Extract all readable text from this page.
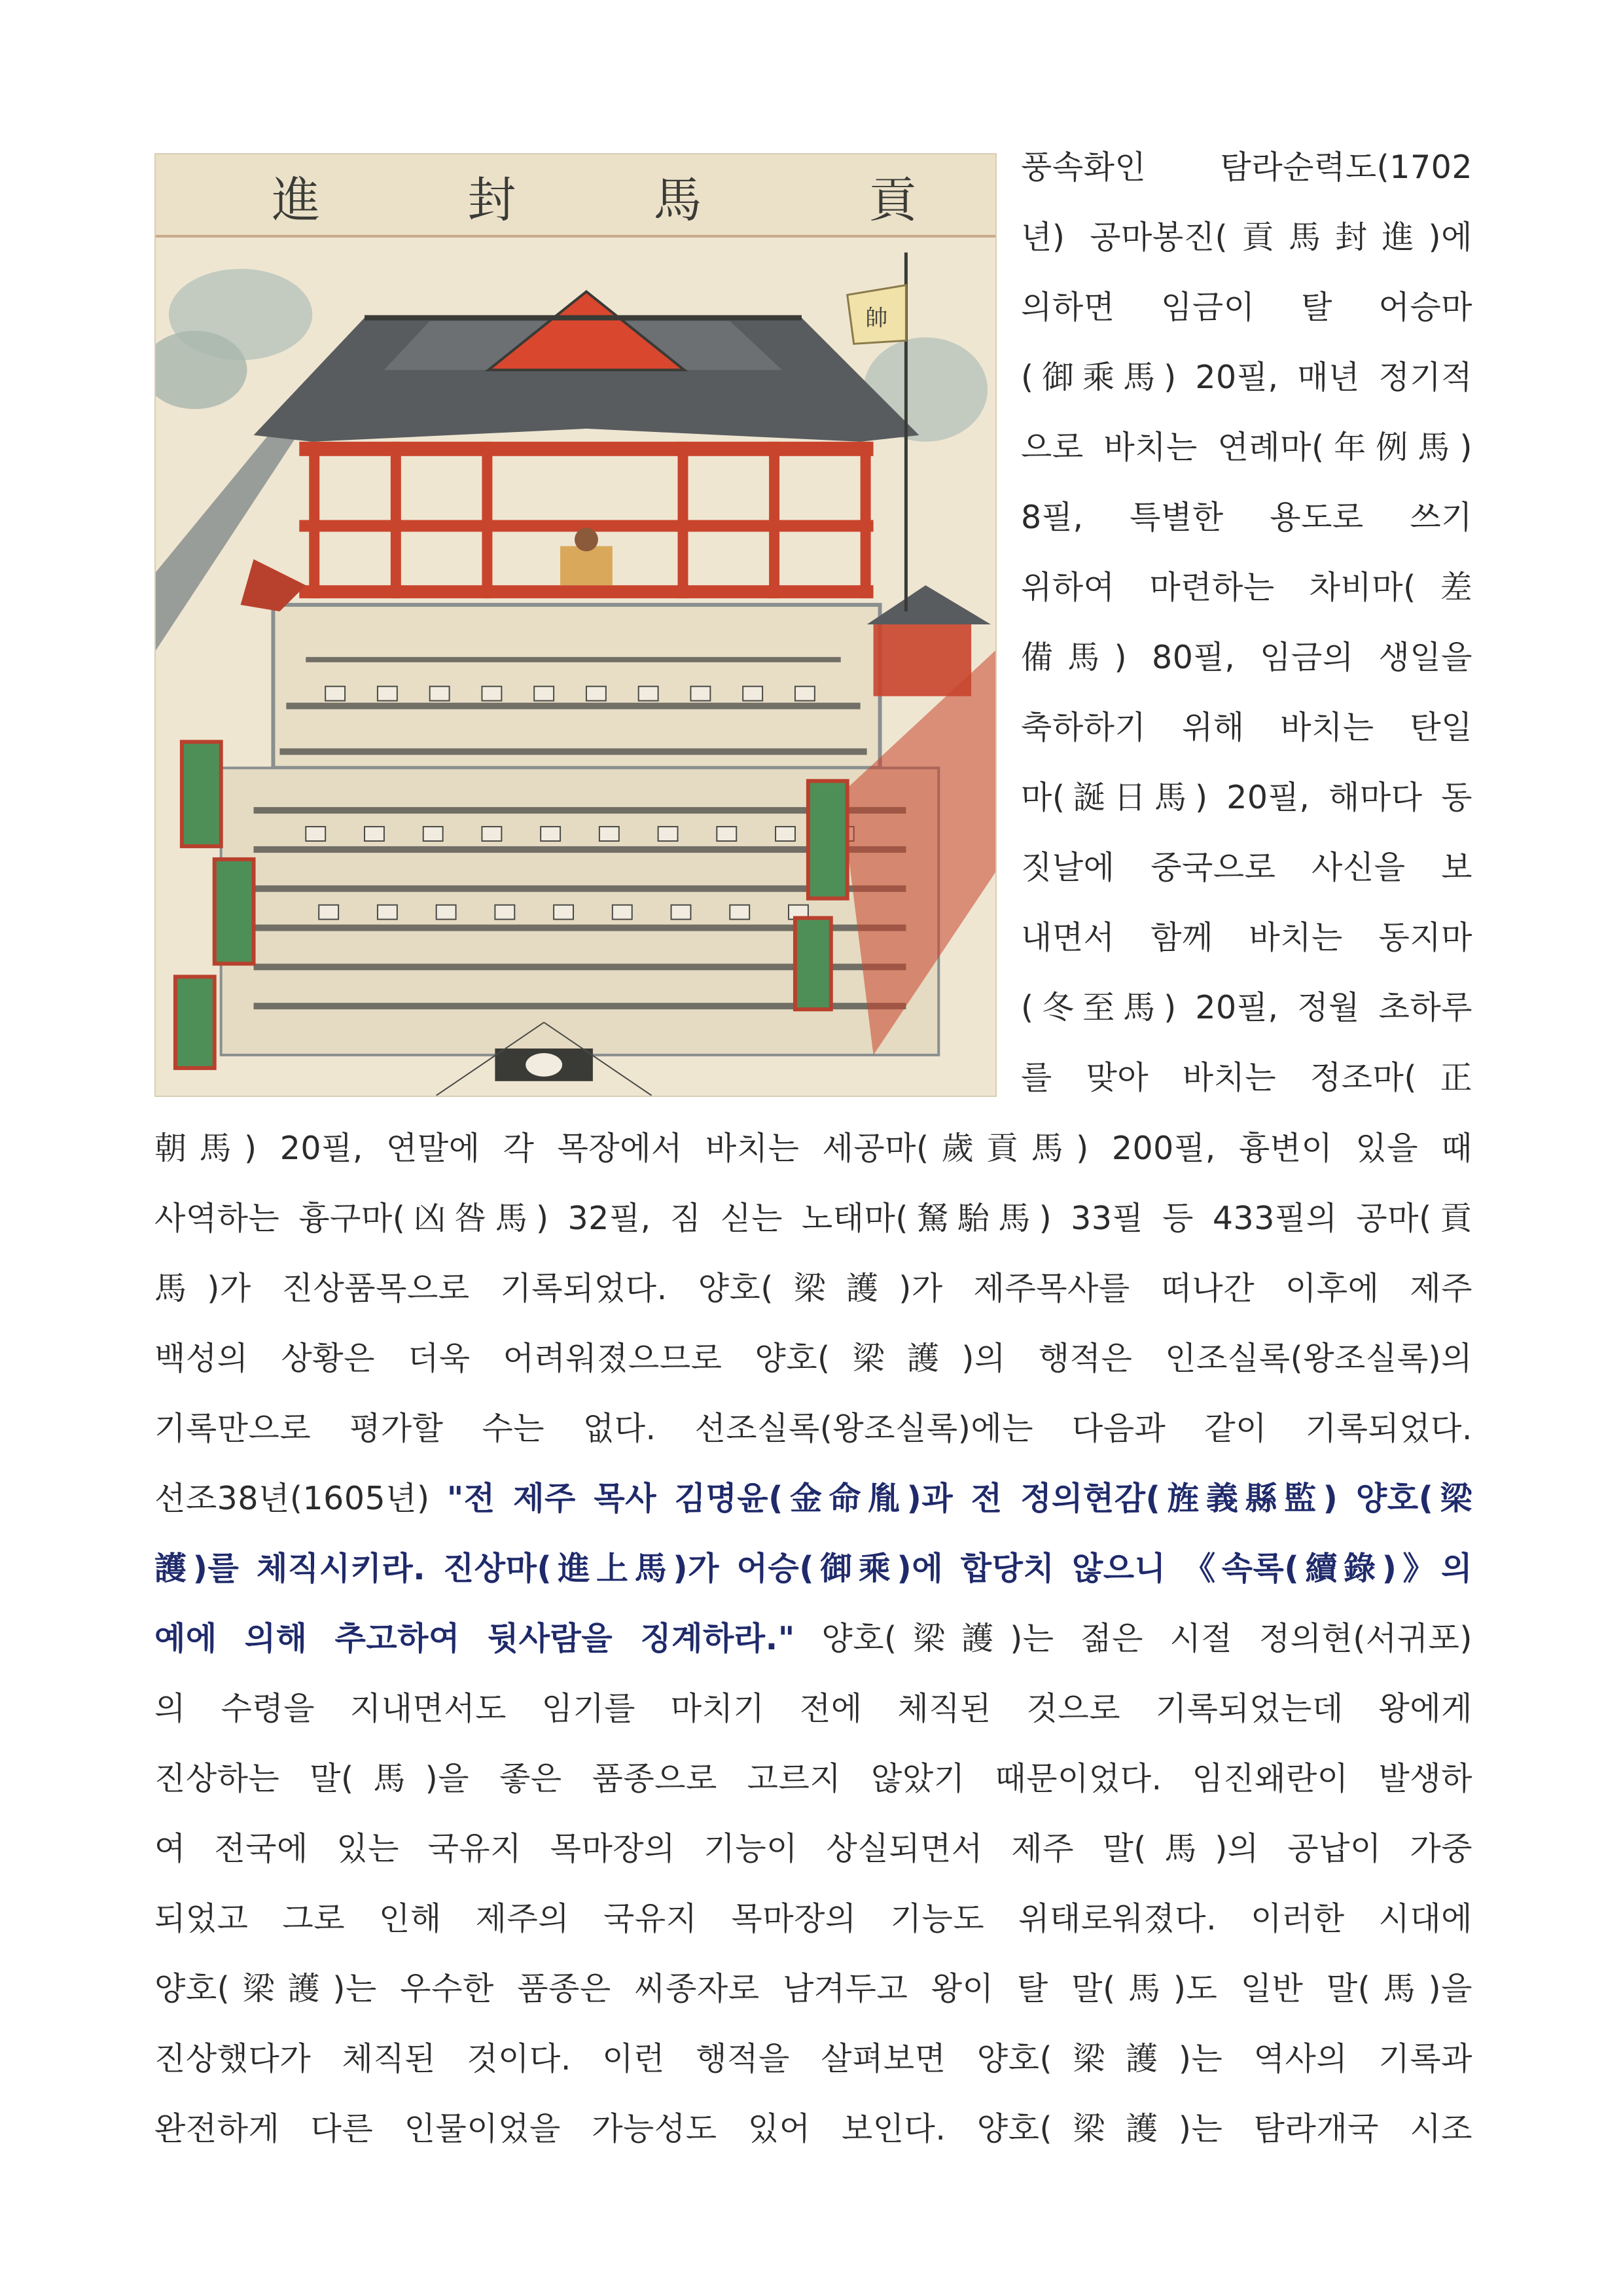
貢
馬
封
進
帥
풍속화인 탐라순력도(1702
년) 공마봉진(貢馬封進)에
의하면 임금이 탈 어승마
(御乘馬) 20필, 매년 정기적
으로 바치는 연례마(年例馬)
8필, 특별한 용도로 쓰기
위하여 마련하는 차비마(差
備馬) 80필, 임금의 생일을
축하하기 위해 바치는 탄일
마(誕日馬) 20필, 해마다 동
짓날에 중국으로 사신을 보
내면서 함께 바치는 동지마
(冬至馬) 20필, 정월 초하루
를 맞아 바치는 정조마(正
朝馬) 20필, 연말에 각 목장에서 바치는 세공마(歲貢馬) 200필, 흉변이 있을 때
사역하는 흉구마(凶咎馬) 32필, 짐 싣는 노태마(駑駘馬) 33필 등 433필의 공마(貢
馬)가 진상품목으로 기록되었다. 양호(梁護)가 제주목사를 떠나간 이후에 제주
백성의 상황은 더욱 어려워졌으므로 양호(梁護)의 행적은 인조실록(왕조실록)의
기록만으로 평가할 수는 없다. 선조실록(왕조실록)에는 다음과 같이 기록되었다.
선조38년(1605년) "전 제주 목사 김명윤(金命胤)과 전 정의현감(旌義縣監) 양호(梁
護)를 체직시키라. 진상마(進上馬)가 어승(御乘)에 합당치 않으니 《속록(續錄)》의
예에 의해 추고하여 뒷사람을 징계하라." 양호(梁護)는 젊은 시절 정의현(서귀포)
의 수령을 지내면서도 임기를 마치기 전에 체직된 것으로 기록되었는데 왕에게
진상하는 말(馬)을 좋은 품종으로 고르지 않았기 때문이었다. 임진왜란이 발생하
여 전국에 있는 국유지 목마장의 기능이 상실되면서 제주 말(馬)의 공납이 가중
되었고 그로 인해 제주의 국유지 목마장의 기능도 위태로워졌다. 이러한 시대에
양호(梁護)는 우수한 품종은 씨종자로 남겨두고 왕이 탈 말(馬)도 일반 말(馬)을
진상했다가 체직된 것이다. 이런 행적을 살펴보면 양호(梁護)는 역사의 기록과
완전하게 다른 인물이었을 가능성도 있어 보인다. 양호(梁護)는 탐라개국 시조
